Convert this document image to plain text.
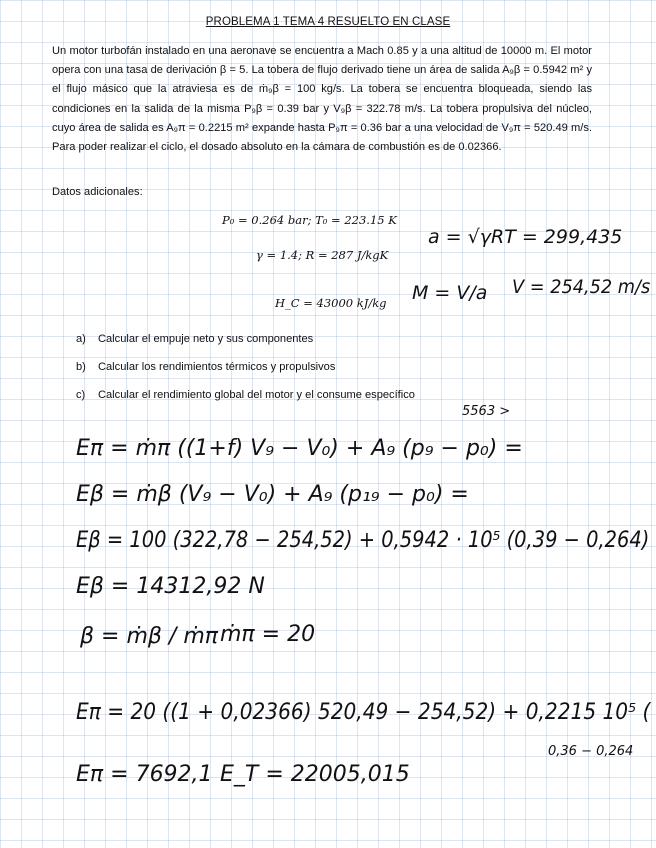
PROBLEMA 1 TEMA 4 RESUELTO EN CLASE

Un motor turbofán instalado en una aeronave se encuentra a Mach 0.85 y a una altitud de 10000 m. El motor opera con una tasa de derivación β = 5. La tobera de flujo derivado tiene un área de salida A₉β = 0.5942 m² y el flujo másico que la atraviesa es de ṁ₉β = 100 kg/s. La tobera se encuentra bloqueada, siendo las condiciones en la salida de la misma P₉β = 0.39 bar y V₉β = 322.78 m/s. La tobera propulsiva del núcleo, cuyo área de salida es A₉π = 0.2215 m² expande hasta P₉π = 0.36 bar a una velocidad de V₉π = 520.49 m/s. Para poder realizar el ciclo, el dosado absoluto en la cámara de combustión es de 0.02366.

Datos adicionales:
P₀ = 0.264 bar; T₀ = 223.15 K
γ = 1.4; R = 287 J/kgK
H_C = 43000 kJ/kg
a) Calcular el empuje neto y sus componentes
b) Calcular los rendimientos térmicos y propulsivos
c) Calcular el rendimiento global del motor y el consume específico
a = √γRT = 299,435
M = V/a V = 254,52 m/s
5563 >
Eπ = ṁπ ((1+f) V₉ − V₀) + A₉ (p₉ − p₀) =
Eβ = ṁβ (V₉ − V₀) + A₉ (p₁₉ − p₀) =
Eβ = 100 (322,78 − 254,52) + 0,5942 · 10⁵ (0,39 − 0,264)
Eβ = 14312,92 N
β = ṁβ / ṁπ ṁπ = 20
Eπ = 20 ((1 + 0,02366) 520,49 − 254,52) + 0,2215 10⁵ (
0,36 − 0,264
Eπ = 7692,1 E_T = 22005,015
